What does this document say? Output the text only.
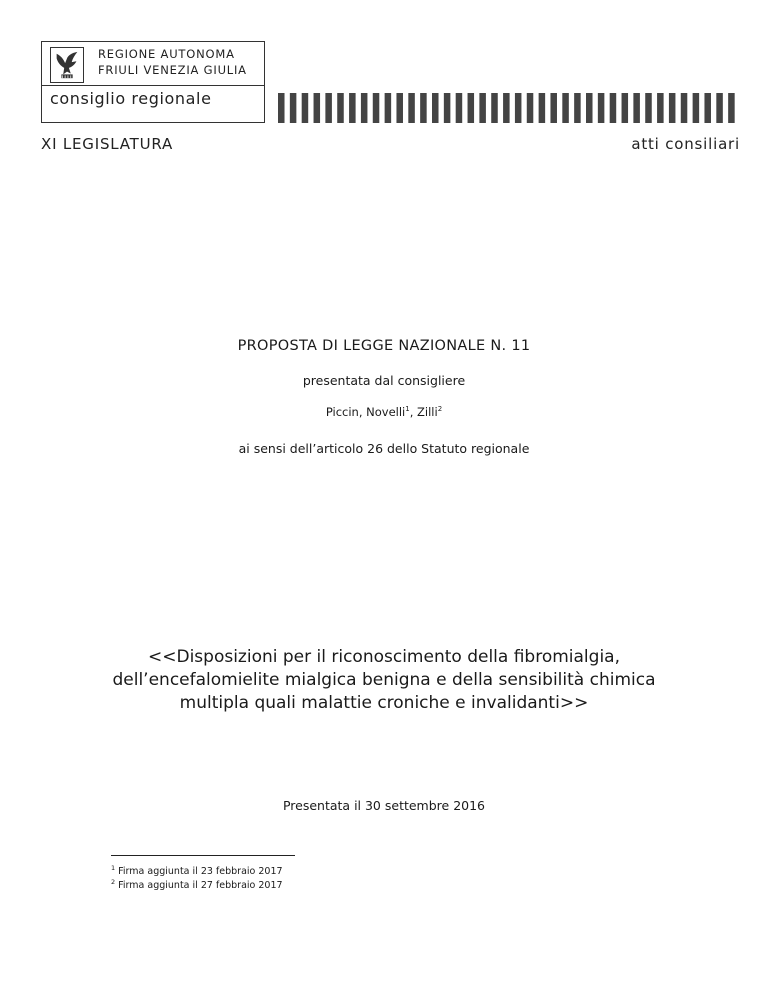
REGIONE AUTONOMA
FRIULI VENEZIA GIULIA
consiglio regionale
XI LEGISLATURA	atti consiliari
PROPOSTA DI LEGGE NAZIONALE N. 11
presentata dal consigliere
Piccin, Novelli$^1$, Zilli$^2$
ai sensi dell’articolo 26 dello Statuto regionale
<<Disposizioni per il riconoscimento della fibromialgia, dell’encefalomielite mialgica benigna e della sensibilità chimica multipla quali malattie croniche e invalidanti>>
Presentata il 30 settembre 2016
$^1$ Firma aggiunta il 23 febbraio 2017
$^2$ Firma aggiunta il 27 febbraio 2017
